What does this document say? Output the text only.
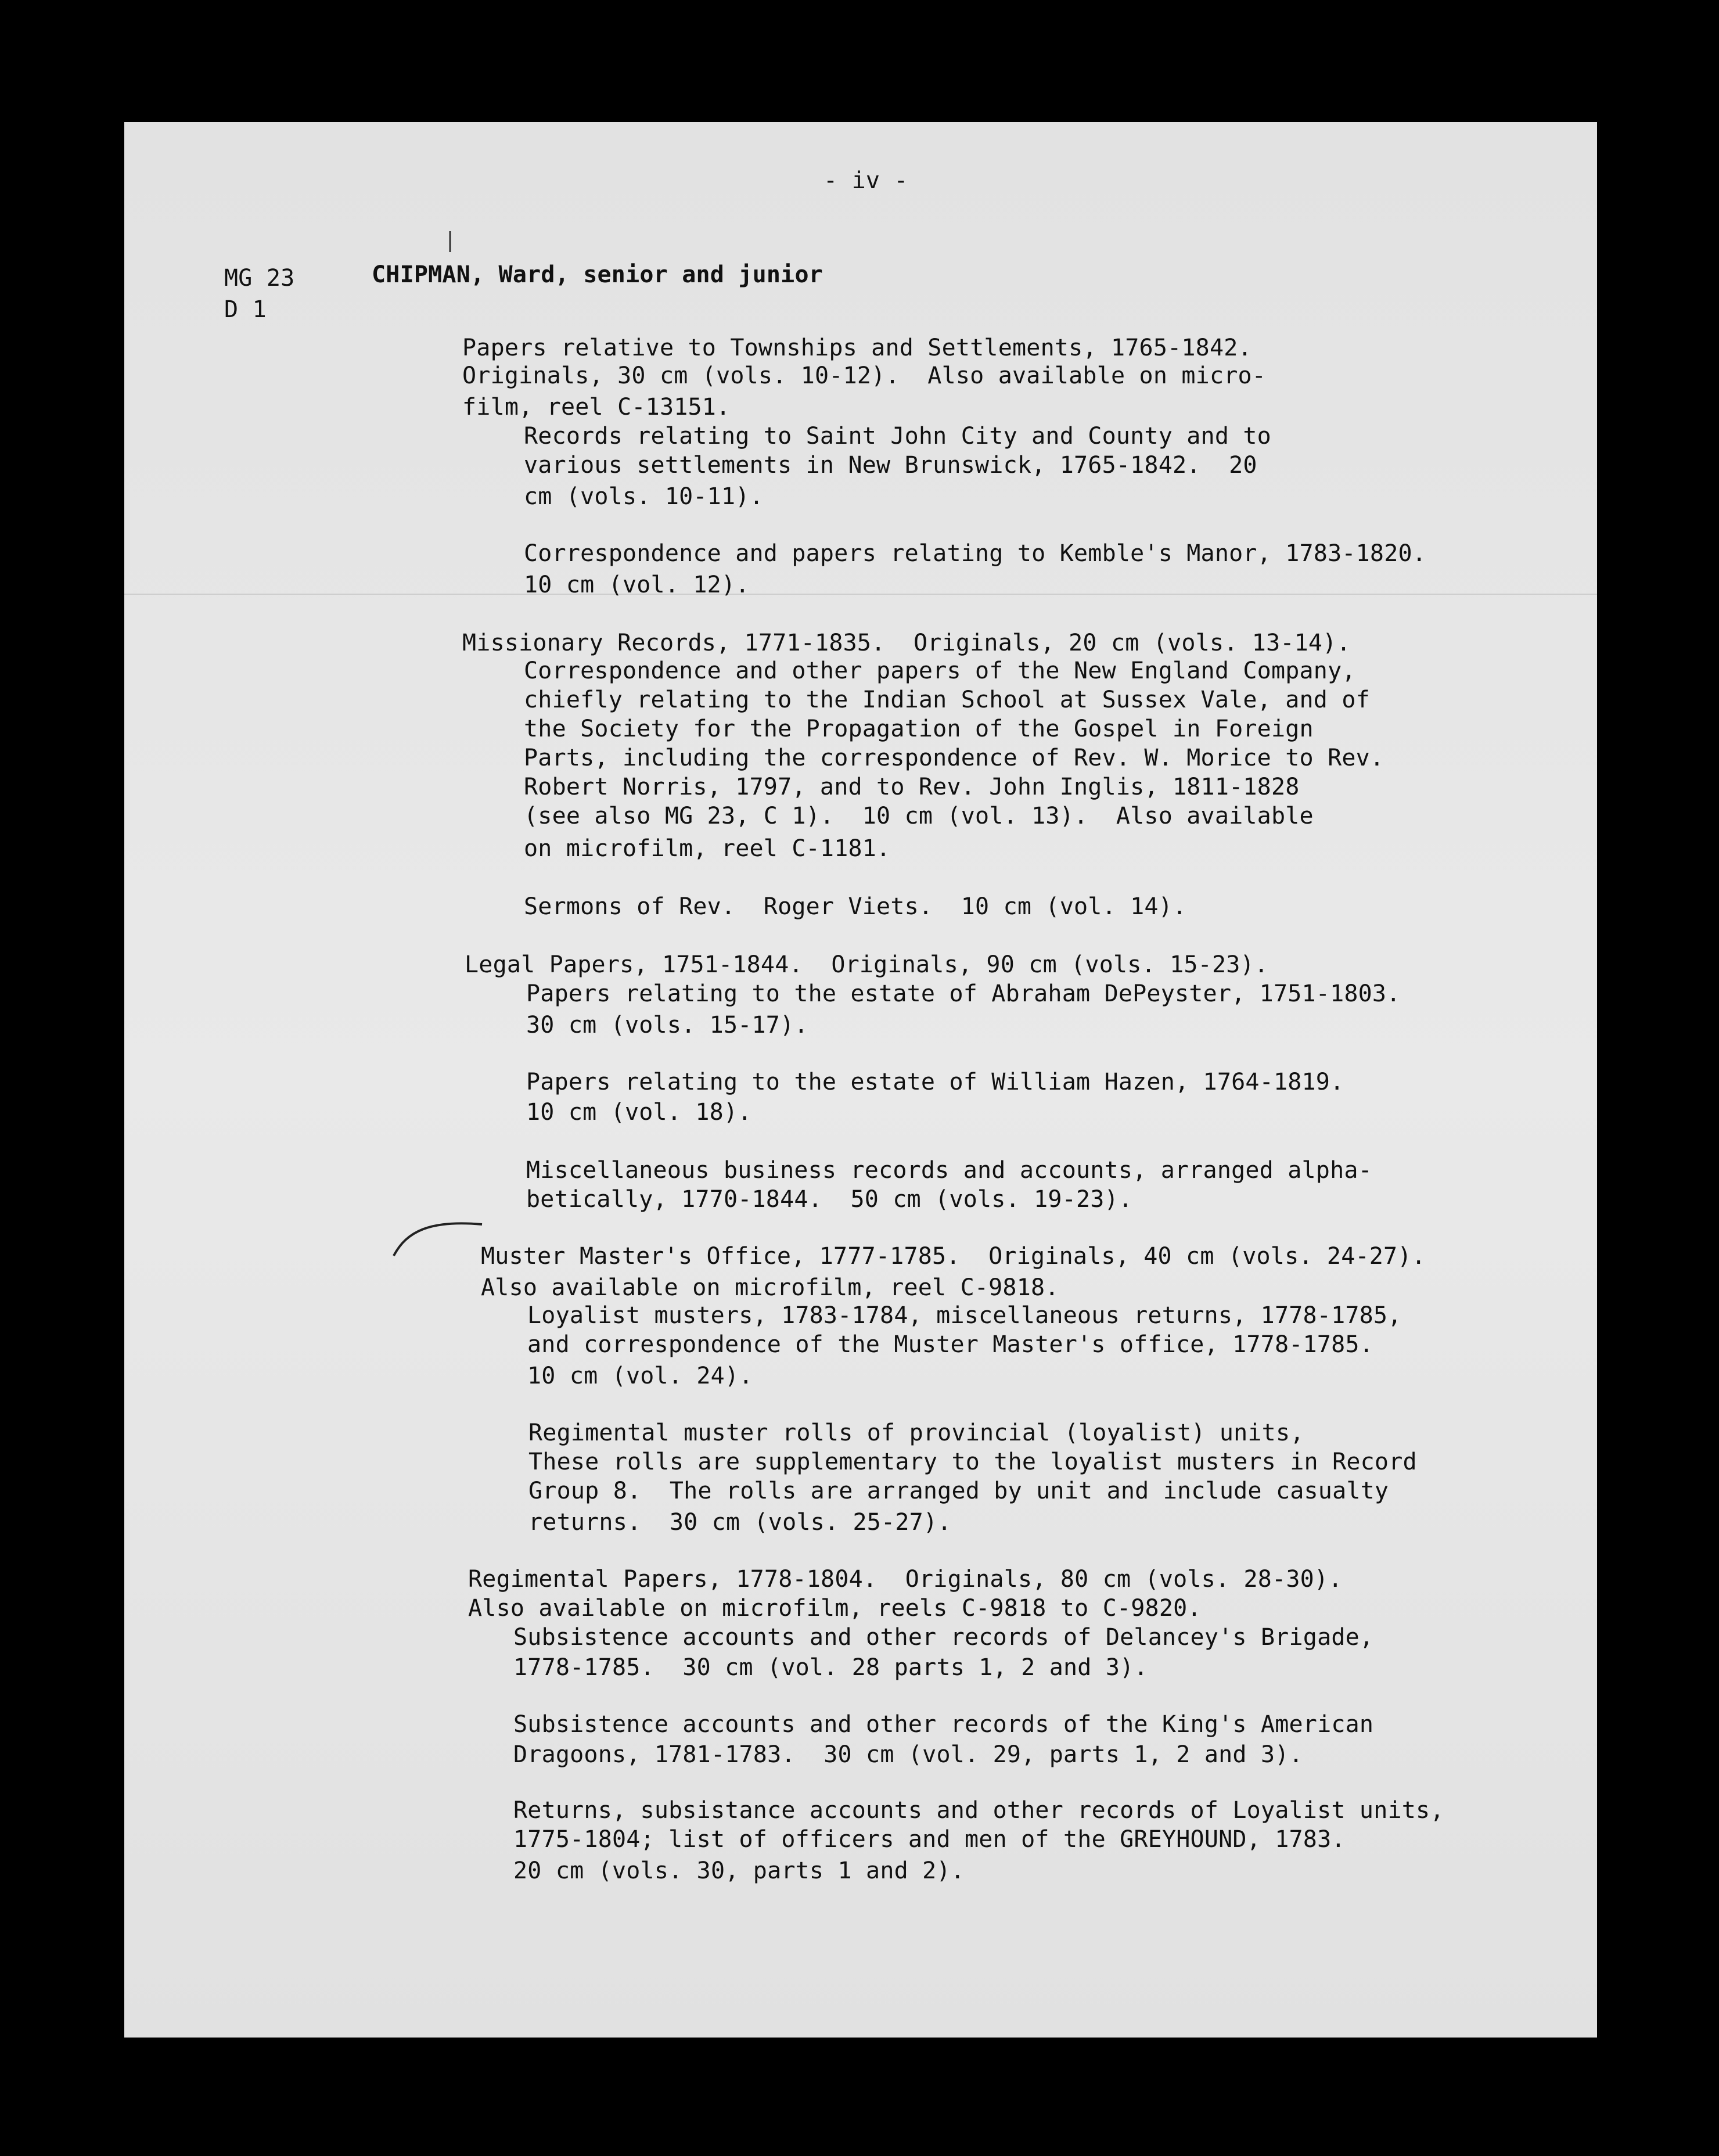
- iv -
MG 23
D 1
CHIPMAN, Ward, senior and junior
Papers relative to Townships and Settlements, 1765-1842.
Originals, 30 cm (vols. 10-12).  Also available on micro-
film, reel C-13151.
Records relating to Saint John City and County and to
various settlements in New Brunswick, 1765-1842.  20
cm (vols. 10-11).
Correspondence and papers relating to Kemble's Manor, 1783-1820.
10 cm (vol. 12).
Missionary Records, 1771-1835.  Originals, 20 cm (vols. 13-14).
Correspondence and other papers of the New England Company,
chiefly relating to the Indian School at Sussex Vale, and of
the Society for the Propagation of the Gospel in Foreign
Parts, including the correspondence of Rev. W. Morice to Rev.
Robert Norris, 1797, and to Rev. John Inglis, 1811-1828
(see also MG 23, C 1).  10 cm (vol. 13).  Also available
on microfilm, reel C-1181.
Sermons of Rev.  Roger Viets.  10 cm (vol. 14).
Legal Papers, 1751-1844.  Originals, 90 cm (vols. 15-23).
Papers relating to the estate of Abraham DePeyster, 1751-1803.
30 cm (vols. 15-17).
Papers relating to the estate of William Hazen, 1764-1819.
10 cm (vol. 18).
Miscellaneous business records and accounts, arranged alpha-
betically, 1770-1844.  50 cm (vols. 19-23).
Muster Master's Office, 1777-1785.  Originals, 40 cm (vols. 24-27).
Also available on microfilm, reel C-9818.
Loyalist musters, 1783-1784, miscellaneous returns, 1778-1785,
and correspondence of the Muster Master's office, 1778-1785.
10 cm (vol. 24).
Regimental muster rolls of provincial (loyalist) units,
These rolls are supplementary to the loyalist musters in Record
Group 8.  The rolls are arranged by unit and include casualty
returns.  30 cm (vols. 25-27).
Regimental Papers, 1778-1804.  Originals, 80 cm (vols. 28-30).
Also available on microfilm, reels C-9818 to C-9820.
Subsistence accounts and other records of Delancey's Brigade,
1778-1785.  30 cm (vol. 28 parts 1, 2 and 3).
Subsistence accounts and other records of the King's American
Dragoons, 1781-1783.  30 cm (vol. 29, parts 1, 2 and 3).
Returns, subsistance accounts and other records of Loyalist units,
1775-1804; list of officers and men of the GREYHOUND, 1783.
20 cm (vols. 30, parts 1 and 2).
